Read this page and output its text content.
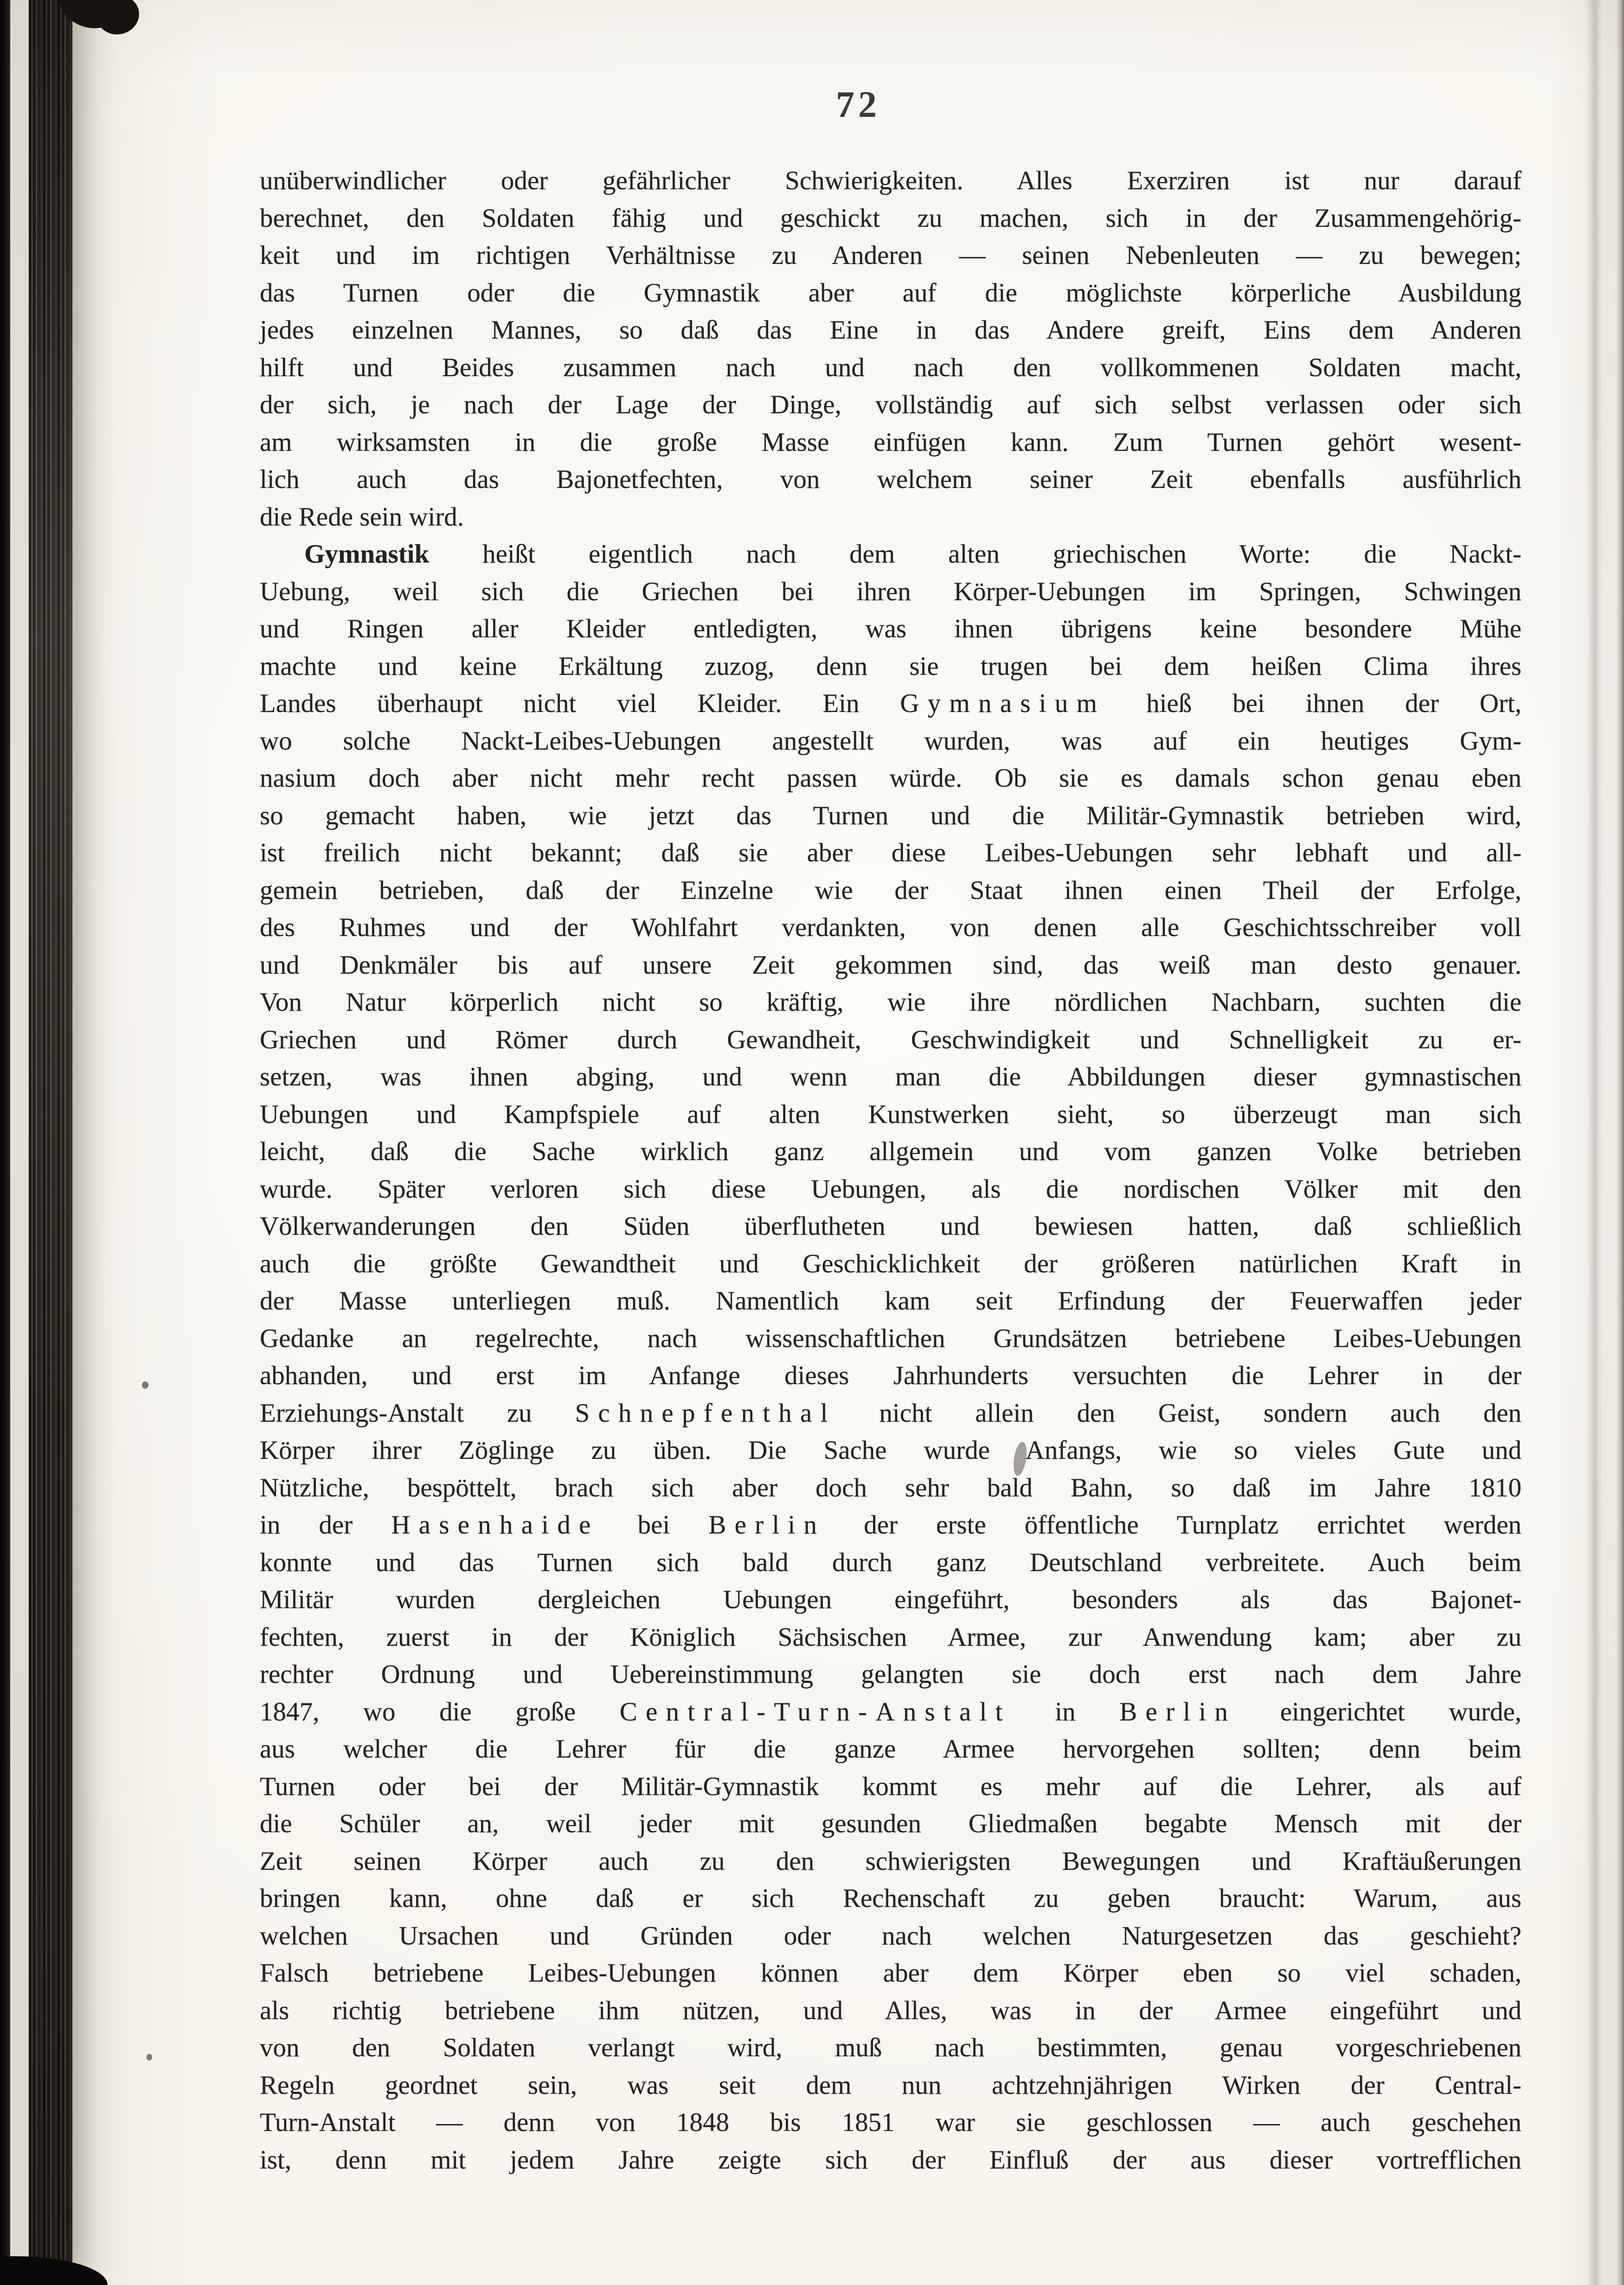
72
unüberwindlicher oder gefährlicher Schwierigkeiten. Alles Exerziren ist nur darauf
berechnet, den Soldaten fähig und geschickt zu machen, sich in der Zusammengehörig-
keit und im richtigen Verhältnisse zu Anderen — seinen Nebenleuten — zu bewegen;
das Turnen oder die Gymnastik aber auf die möglichste körperliche Ausbildung
jedes einzelnen Mannes, so daß das Eine in das Andere greift, Eins dem Anderen
hilft und Beides zusammen nach und nach den vollkommenen Soldaten macht,
der sich, je nach der Lage der Dinge, vollständig auf sich selbst verlassen oder sich
am wirksamsten in die große Masse einfügen kann. Zum Turnen gehört wesent-
lich auch das Bajonetfechten, von welchem seiner Zeit ebenfalls ausführlich
die Rede sein wird.
Gymnastik heißt eigentlich nach dem alten griechischen Worte: die Nackt-
Uebung, weil sich die Griechen bei ihren Körper-Uebungen im Springen, Schwingen
und Ringen aller Kleider entledigten, was ihnen übrigens keine besondere Mühe
machte und keine Erkältung zuzog, denn sie trugen bei dem heißen Clima ihres
Landes überhaupt nicht viel Kleider. Ein Gymnasium hieß bei ihnen der Ort,
wo solche Nackt-Leibes-Uebungen angestellt wurden, was auf ein heutiges Gym-
nasium doch aber nicht mehr recht passen würde. Ob sie es damals schon genau eben
so gemacht haben, wie jetzt das Turnen und die Militär-Gymnastik betrieben wird,
ist freilich nicht bekannt; daß sie aber diese Leibes-Uebungen sehr lebhaft und all-
gemein betrieben, daß der Einzelne wie der Staat ihnen einen Theil der Erfolge,
des Ruhmes und der Wohlfahrt verdankten, von denen alle Geschichtsschreiber voll
und Denkmäler bis auf unsere Zeit gekommen sind, das weiß man desto genauer.
Von Natur körperlich nicht so kräftig, wie ihre nördlichen Nachbarn, suchten die
Griechen und Römer durch Gewandheit, Geschwindigkeit und Schnelligkeit zu er-
setzen, was ihnen abging, und wenn man die Abbildungen dieser gymnastischen
Uebungen und Kampfspiele auf alten Kunstwerken sieht, so überzeugt man sich
leicht, daß die Sache wirklich ganz allgemein und vom ganzen Volke betrieben
wurde. Später verloren sich diese Uebungen, als die nordischen Völker mit den
Völkerwanderungen den Süden überflutheten und bewiesen hatten, daß schließlich
auch die größte Gewandtheit und Geschicklichkeit der größeren natürlichen Kraft in
der Masse unterliegen muß. Namentlich kam seit Erfindung der Feuerwaffen jeder
Gedanke an regelrechte, nach wissenschaftlichen Grundsätzen betriebene Leibes-Uebungen
abhanden, und erst im Anfange dieses Jahrhunderts versuchten die Lehrer in der
Erziehungs-Anstalt zu Schnepfenthal nicht allein den Geist, sondern auch den
Körper ihrer Zöglinge zu üben. Die Sache wurde Anfangs, wie so vieles Gute und
Nützliche, bespöttelt, brach sich aber doch sehr bald Bahn, so daß im Jahre 1810
in der Hasenhaide bei Berlin der erste öffentliche Turnplatz errichtet werden
konnte und das Turnen sich bald durch ganz Deutschland verbreitete. Auch beim
Militär wurden dergleichen Uebungen eingeführt, besonders als das Bajonet-
fechten, zuerst in der Königlich Sächsischen Armee, zur Anwendung kam; aber zu
rechter Ordnung und Uebereinstimmung gelangten sie doch erst nach dem Jahre
1847, wo die große Central-Turn-Anstalt in Berlin eingerichtet wurde,
aus welcher die Lehrer für die ganze Armee hervorgehen sollten; denn beim
Turnen oder bei der Militär-Gymnastik kommt es mehr auf die Lehrer, als auf
die Schüler an, weil jeder mit gesunden Gliedmaßen begabte Mensch mit der
Zeit seinen Körper auch zu den schwierigsten Bewegungen und Kraftäußerungen
bringen kann, ohne daß er sich Rechenschaft zu geben braucht: Warum, aus
welchen Ursachen und Gründen oder nach welchen Naturgesetzen das geschieht?
Falsch betriebene Leibes-Uebungen können aber dem Körper eben so viel schaden,
als richtig betriebene ihm nützen, und Alles, was in der Armee eingeführt und
von den Soldaten verlangt wird, muß nach bestimmten, genau vorgeschriebenen
Regeln geordnet sein, was seit dem nun achtzehnjährigen Wirken der Central-
Turn-Anstalt — denn von 1848 bis 1851 war sie geschlossen — auch geschehen
ist, denn mit jedem Jahre zeigte sich der Einfluß der aus dieser vortrefflichen
